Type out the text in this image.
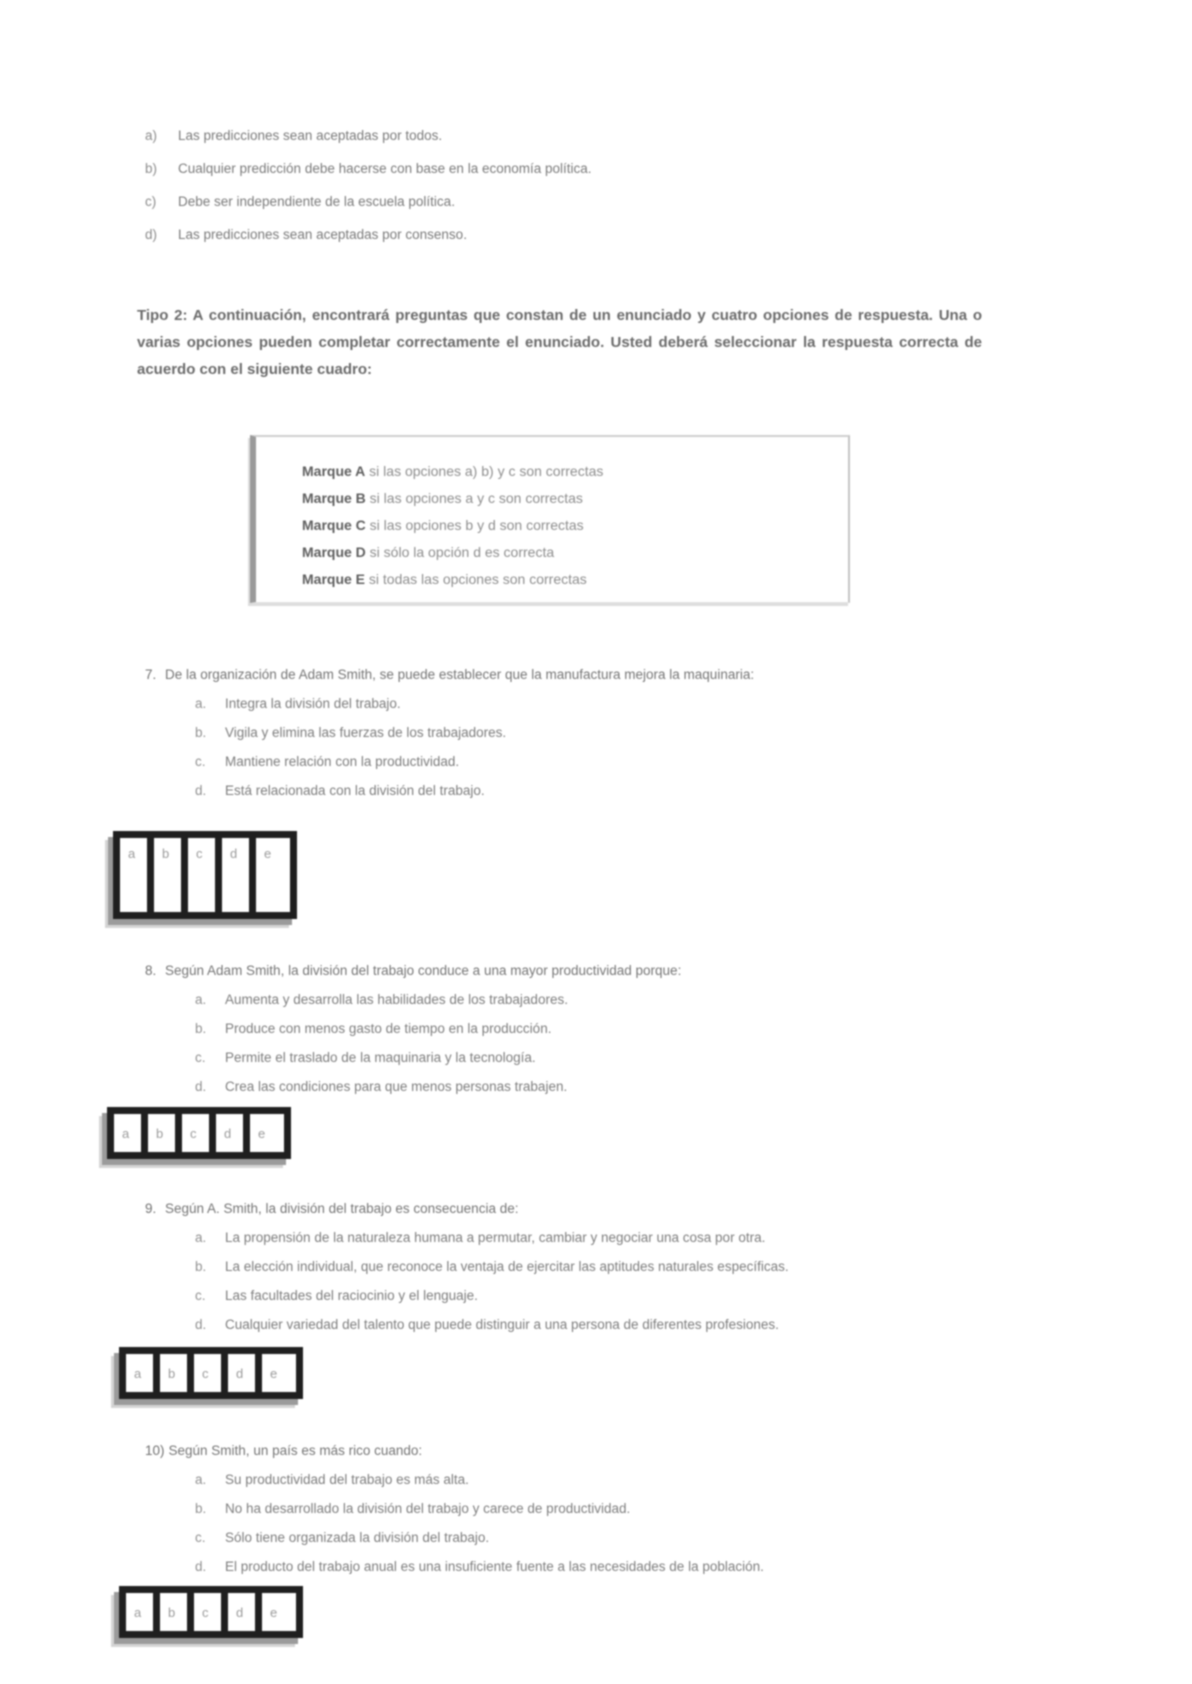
a)	Las predicciones sean aceptadas por todos.
b)	Cualquier predicción debe hacerse con base en la economía política.
c)	Debe ser independiente de la escuela política.
d)	Las predicciones sean aceptadas por consenso.

Tipo 2: A continuación, encontrará preguntas que constan de un enunciado y cuatro opciones de respuesta. Una o varias opciones pueden completar correctamente el enunciado. Usted deberá seleccionar la respuesta correcta de acuerdo con el siguiente cuadro:

Marque A si las opciones a) b) y c son correctas
Marque B si las opciones a y c son correctas
Marque C si las opciones b y d son correctas
Marque D si sólo la opción d es correcta
Marque E si todas las opciones son correctas
7. De la organización de Adam Smith, se puede establecer que la manufactura mejora la maquinaria:
a.	Integra la división del trabajo.
b.	Vigila y elimina las fuerzas de los trabajadores.
c.	Mantiene relación con la productividad.
d.	Está relacionada con la división del trabajo.
a b c d e
8. Según Adam Smith, la división del trabajo conduce a una mayor productividad porque:
a.	Aumenta y desarrolla las habilidades de los trabajadores.
b.	Produce con menos gasto de tiempo en la producción.
c.	Permite el traslado de la maquinaria y la tecnología.
d.	Crea las condiciones para que menos personas trabajen.
a b c d e
9. Según A. Smith, la división del trabajo es consecuencia de:
a.	La propensión de la naturaleza humana a permutar, cambiar y negociar una cosa por otra.
b.	La elección individual, que reconoce la ventaja de ejercitar las aptitudes naturales específicas.
c.	Las facultades del raciocinio y el lenguaje.
d.	Cualquier variedad del talento que puede distinguir a una persona de diferentes profesiones.
a b c d e
10) Según Smith, un país es más rico cuando:
a.	Su productividad del trabajo es más alta.
b.	No ha desarrollado la división del trabajo y carece de productividad.
c.	Sólo tiene organizada la división del trabajo.
d.	El producto del trabajo anual es una insuficiente fuente a las necesidades de la población.
a b c d e
